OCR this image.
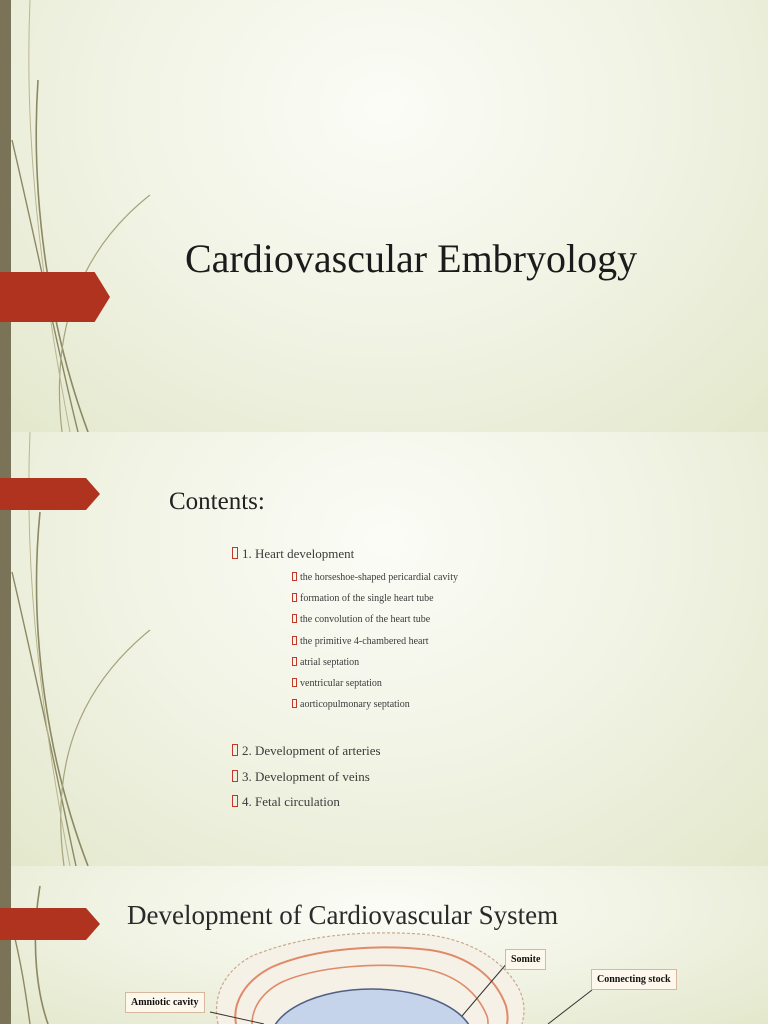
Cardiovascular Embryology
Contents:
1. Heart development
the horseshoe-shaped pericardial cavity
formation of the single heart tube
the convolution of the heart tube
the primitive 4-chambered heart
atrial septation
ventricular septation
aorticopulmonary septation
2. Development of arteries
3. Development of veins
4. Fetal circulation
Development of Cardiovascular System
Somite
Connecting stock
Amniotic cavity
